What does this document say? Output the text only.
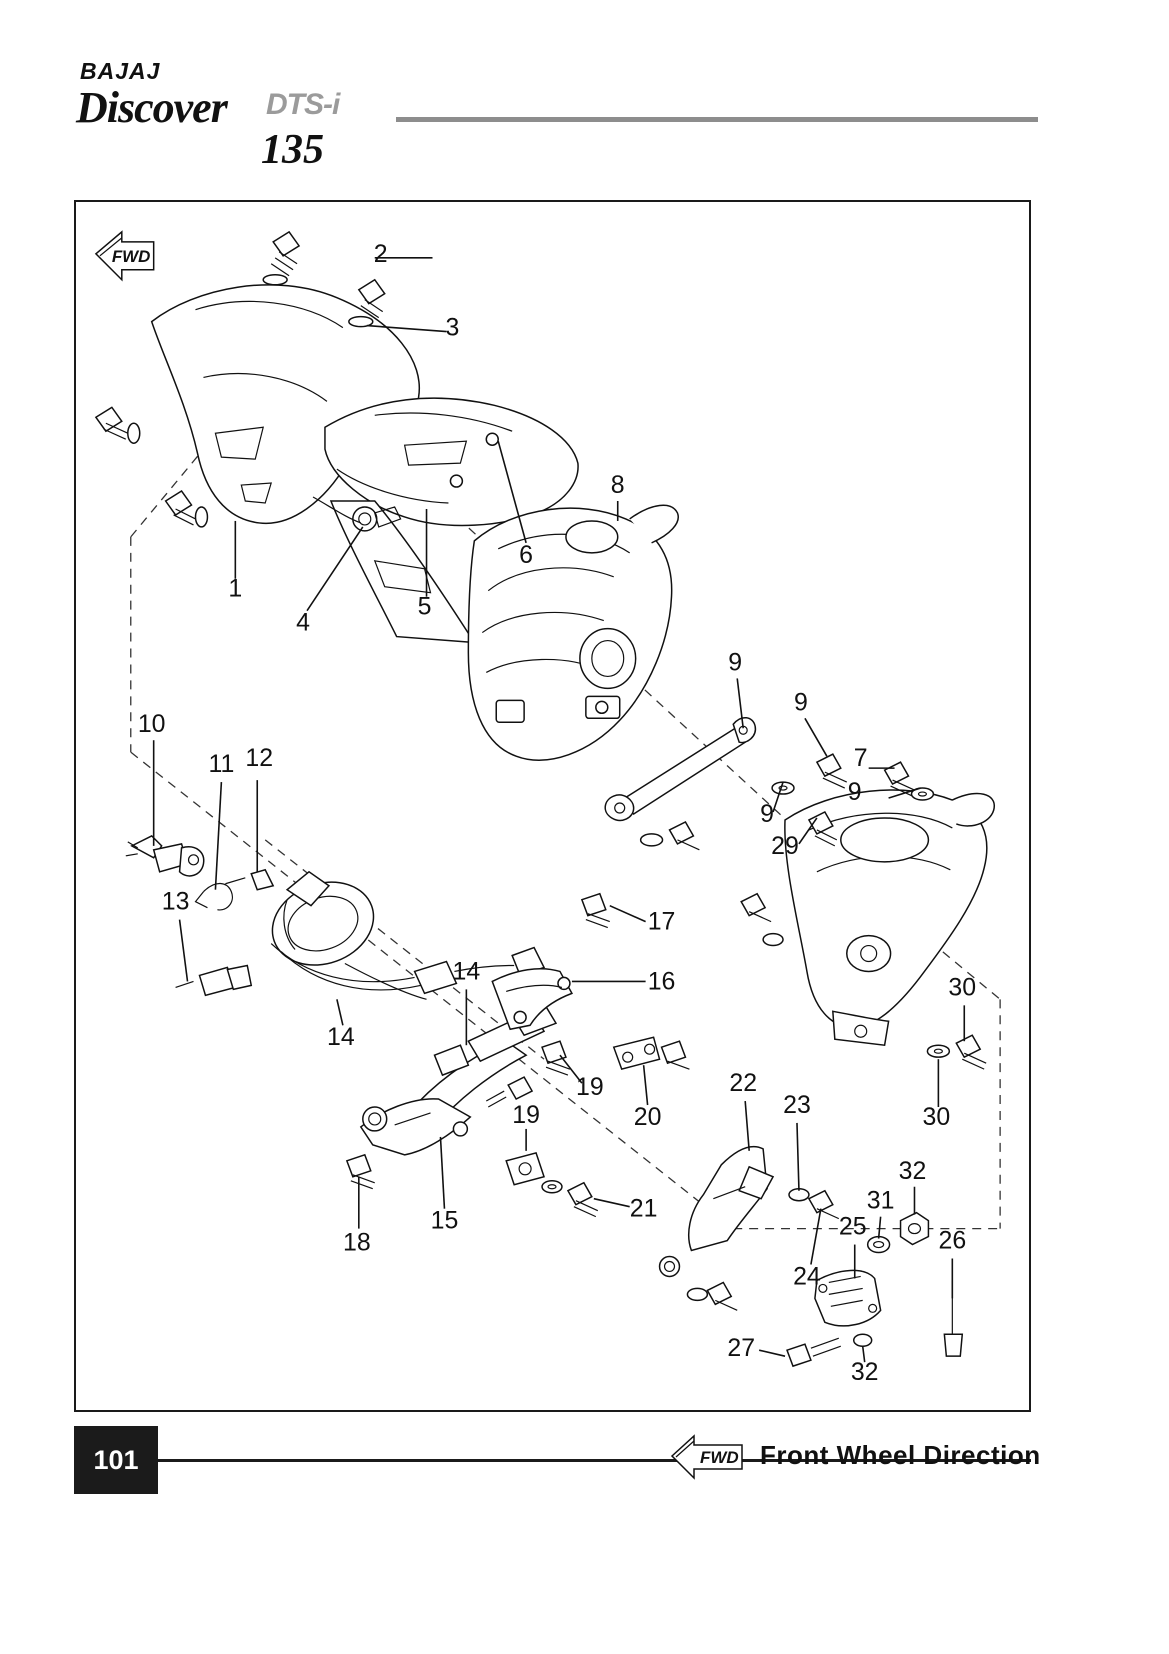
BAJAJ
Discover DTS-i
135
FWD	2
3
1
4
5
6
8
9
9
7
9
9
29
10
11 12
13
14
14
15
16
17
18
19
19	20
21
22
23
24
25	26
27
30
30
31
32
32
101	FWD Front Wheel Direction
